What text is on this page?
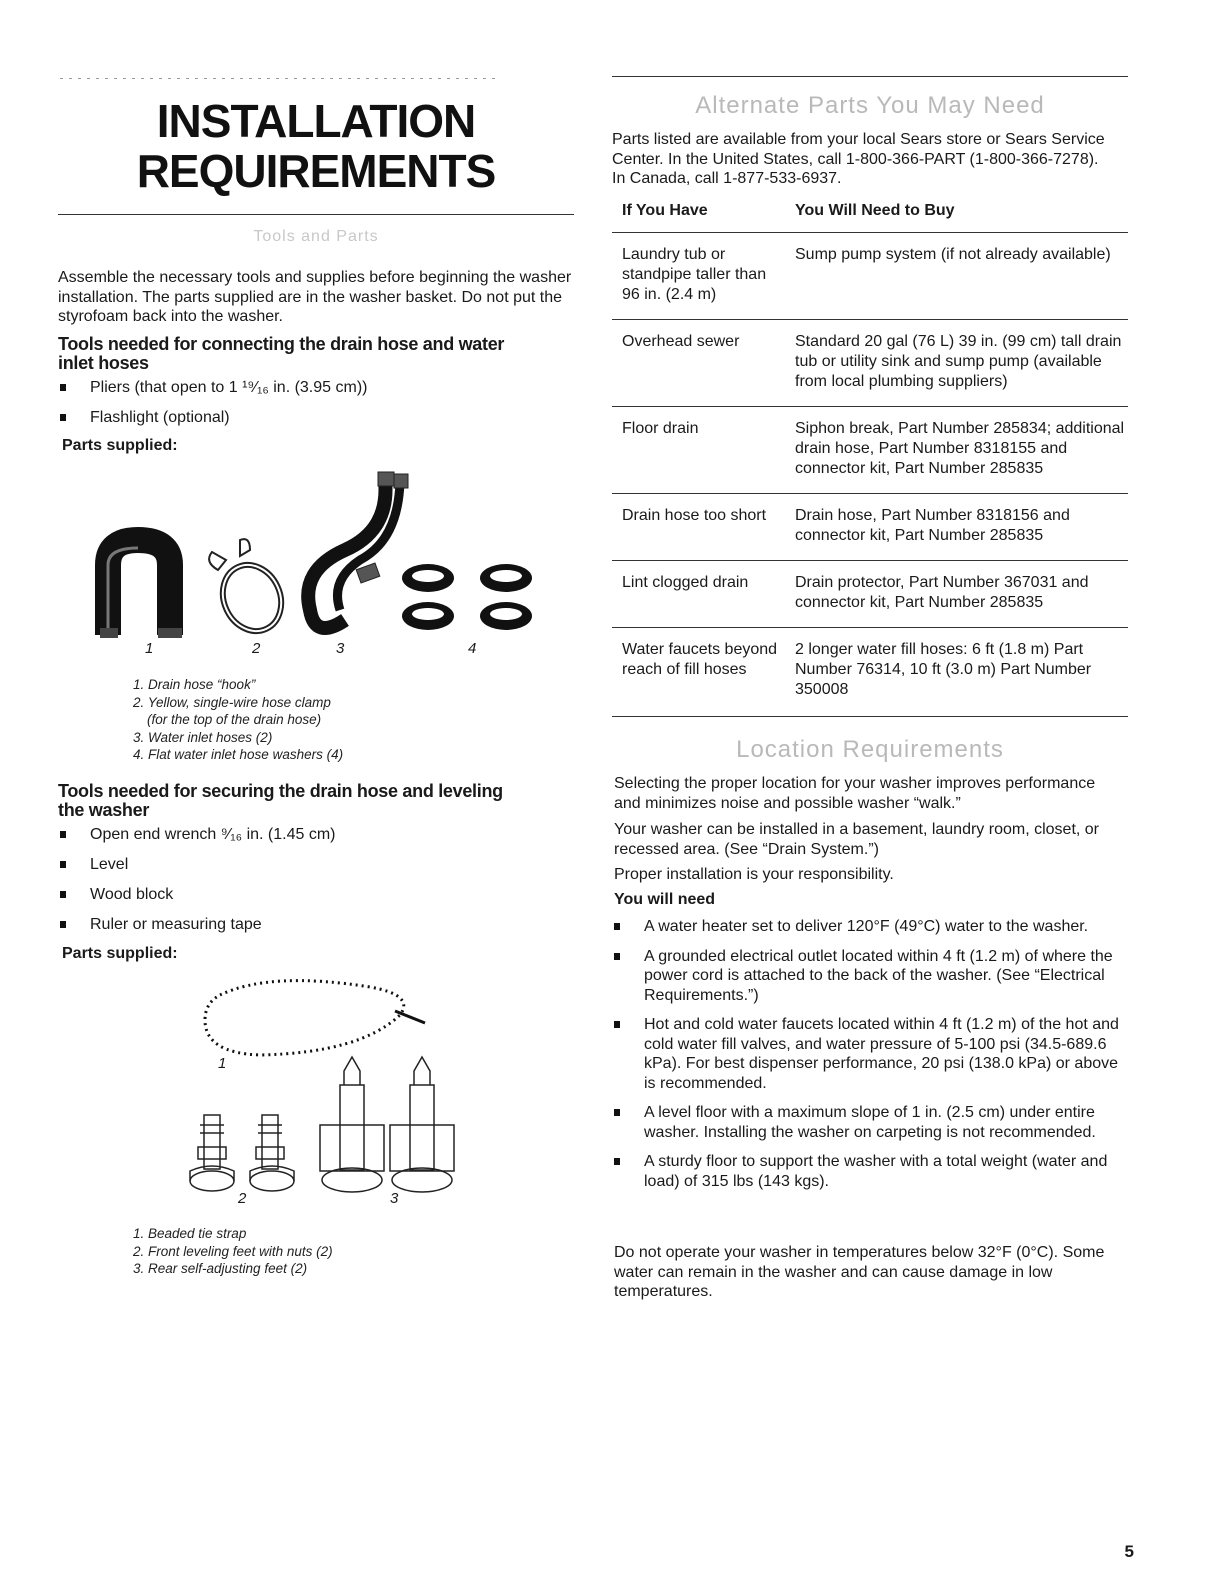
INSTALLATION
REQUIREMENTS
Tools and Parts

Assemble the necessary tools and supplies before beginning the washer installation. The parts supplied are in the washer basket. Do not put the styrofoam back into the washer.

Tools needed for connecting the drain hose and water inlet hoses

Pliers (that open to 1 ¹⁹⁄₁₆ in. (3.95 cm))
Flashlight (optional)

Parts supplied:

1	2	3	4
1. Drain hose “hook”
2. Yellow, single-wire hose clamp
(for the top of the drain hose)
3. Water inlet hoses (2)
4. Flat water inlet hose washers (4)

Tools needed for securing the drain hose and leveling the washer

Open end wrench ⁹⁄₁₆ in. (1.45 cm)
Level
Wood block
Ruler or measuring tape

Parts supplied:

1
2	3
1. Beaded tie strap
2. Front leveling feet with nuts (2)
3. Rear self-adjusting feet (2)
Alternate Parts You May Need

Parts listed are available from your local Sears store or Sears Service Center. In the United States, call 1-800-366-PART (1-800-366-7278). In Canada, call 1-877-533-6937.

If You Have	You Will Need to Buy
Laundry tub or standpipe taller than 96 in. (2.4 m)	Sump pump system (if not already available)
Overhead sewer	Standard 20 gal (76 L) 39 in. (99 cm) tall drain tub or utility sink and sump pump (available from local plumbing suppliers)
Floor drain	Siphon break, Part Number 285834; additional drain hose, Part Number 8318155 and connector kit, Part Number 285835
Drain hose too short	Drain hose, Part Number 8318156 and connector kit, Part Number 285835
Lint clogged drain	Drain protector, Part Number 367031 and connector kit, Part Number 285835
Water faucets beyond reach of fill hoses	2 longer water fill hoses: 6 ft (1.8 m) Part Number 76314, 10 ft (3.0 m) Part Number 350008
Location Requirements

Selecting the proper location for your washer improves performance and minimizes noise and possible washer “walk.”

Your washer can be installed in a basement, laundry room, closet, or recessed area. (See “Drain System.”)

Proper installation is your responsibility.

You will need

A water heater set to deliver 120°F (49°C) water to the washer.
A grounded electrical outlet located within 4 ft (1.2 m) of where the power cord is attached to the back of the washer. (See “Electrical Requirements.”)
Hot and cold water faucets located within 4 ft (1.2 m) of the hot and cold water fill valves, and water pressure of 5-100 psi (34.5-689.6 kPa). For best dispenser performance, 20 psi (138.0 kPa) or above is recommended.
A level floor with a maximum slope of 1 in. (2.5 cm) under entire washer. Installing the washer on carpeting is not recommended.
A sturdy floor to support the washer with a total weight (water and load) of 315 lbs (143 kgs).

Do not operate your washer in temperatures below 32°F (0°C). Some water can remain in the washer and can cause damage in low temperatures.

5
